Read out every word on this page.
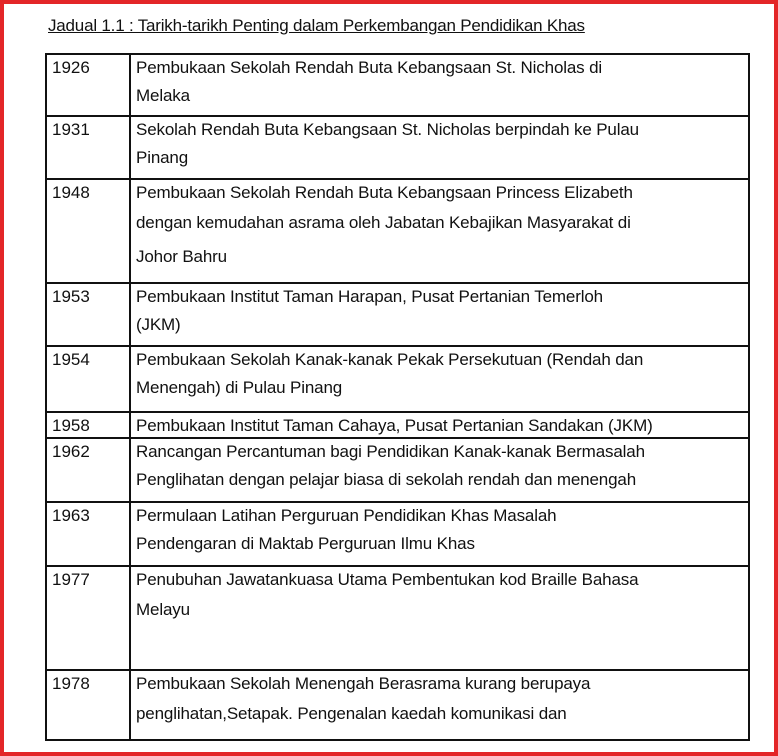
Jadual 1.1 : Tarikh-tarikh Penting dalam Perkembangan Pendidikan Khas
1926	Pembukaan Sekolah Rendah Buta Kebangsaan St. Nicholas di
Melaka
1931	Sekolah Rendah Buta Kebangsaan St. Nicholas berpindah ke Pulau
Pinang
1948	Pembukaan Sekolah Rendah Buta Kebangsaan Princess Elizabeth
dengan kemudahan asrama oleh Jabatan Kebajikan Masyarakat di
Johor Bahru

1953	Pembukaan Institut Taman Harapan, Pusat Pertanian Temerloh
(JKM)
1954	Pembukaan Sekolah Kanak-kanak Pekak Persekutuan (Rendah dan
Menengah) di Pulau Pinang
1958	Pembukaan Institut Taman Cahaya, Pusat Pertanian Sandakan (JKM)

1962	Rancangan Percantuman bagi Pendidikan Kanak-kanak Bermasalah
Penglihatan dengan pelajar biasa di sekolah rendah dan menengah
1963	Permulaan Latihan Perguruan Pendidikan Khas Masalah
Pendengaran di Maktab Perguruan Ilmu Khas
1977	Penubuhan Jawatankuasa Utama Pembentukan kod Braille Bahasa
Melayu

1978	Pembukaan Sekolah Menengah Berasrama kurang berupaya
penglihatan,Setapak. Pengenalan kaedah komunikasi dan
